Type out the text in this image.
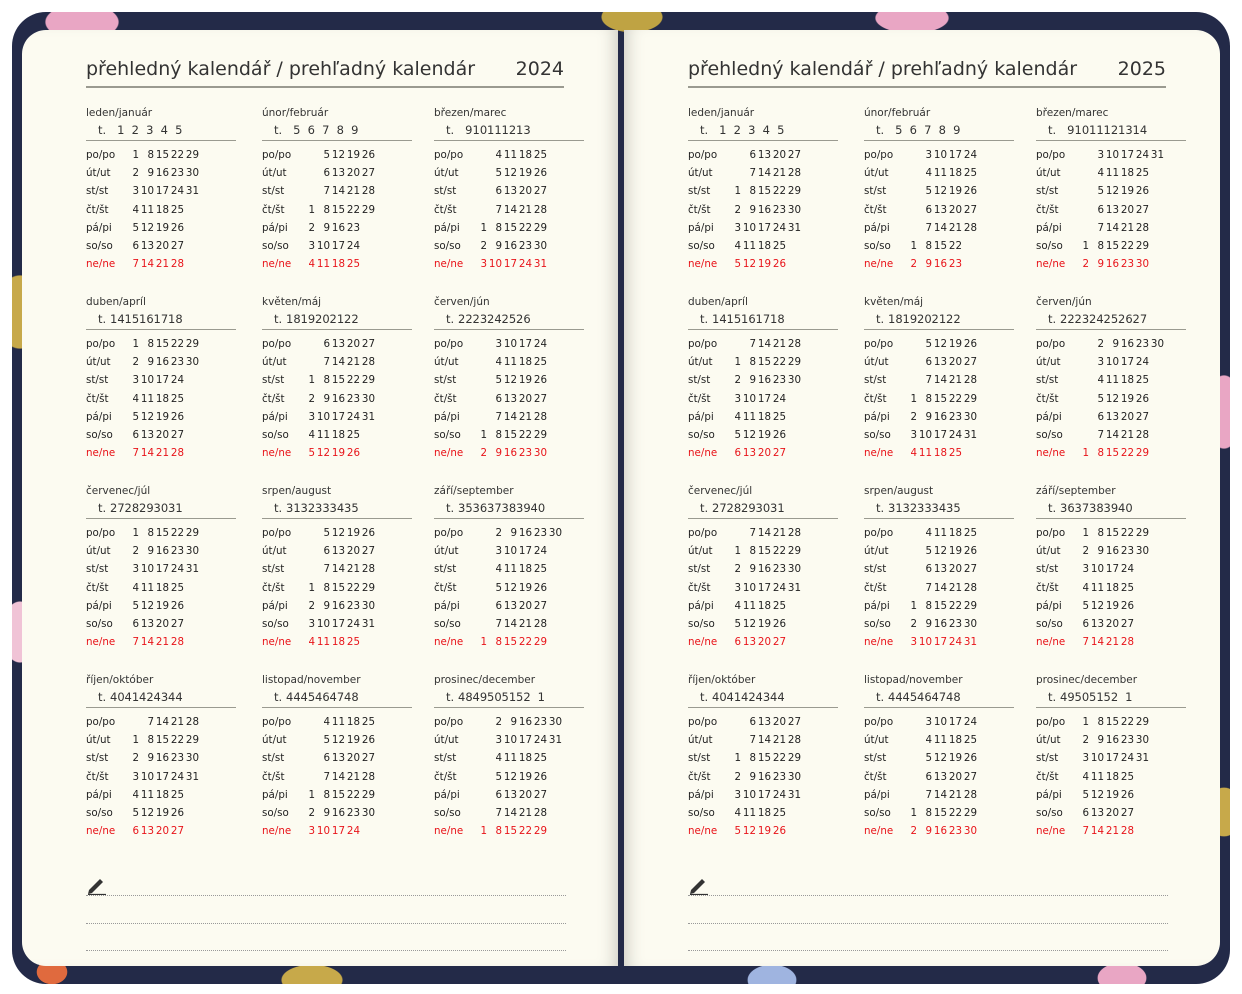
přehledný kalendář / prehľadný kalendár 2024
leden/január
t. 1 2 3 4 5
po/po	1 8 15 22 29
út/ut	2 9 16 23 30
st/st	3 10 17 24 31
čt/št	4 11 18 25
pá/pi	5 12 19 26
so/so	6 13 20 27
ne/ne	7 14 21 28
únor/február
t. 5 6 7 8 9
po/po	5 12 19 26
út/ut	6 13 20 27
st/st	7 14 21 28
čt/št	1 8 15 22 29
pá/pi	2 9 16 23
so/so	3 10 17 24
ne/ne	4 11 18 25
březen/marec
t. 9 10 11 12 13
po/po	4 11 18 25
út/ut	5 12 19 26
st/st	6 13 20 27
čt/št	7 14 21 28
pá/pi	1 8 15 22 29
so/so	2 9 16 23 30
ne/ne	3 10 17 24 31
duben/apríl
t. 14 15 16 17 18
po/po	1 8 15 22 29
út/ut	2 9 16 23 30
st/st	3 10 17 24
čt/št	4 11 18 25
pá/pi	5 12 19 26
so/so	6 13 20 27
ne/ne	7 14 21 28
květen/máj
t. 18 19 20 21 22
po/po	6 13 20 27
út/ut	7 14 21 28
st/st	1 8 15 22 29
čt/št	2 9 16 23 30
pá/pi	3 10 17 24 31
so/so	4 11 18 25
ne/ne	5 12 19 26
červen/jún
t. 22 23 24 25 26
po/po	3 10 17 24
út/ut	4 11 18 25
st/st	5 12 19 26
čt/št	6 13 20 27
pá/pi	7 14 21 28
so/so	1 8 15 22 29
ne/ne	2 9 16 23 30
červenec/júl
t. 27 28 29 30 31
po/po	1 8 15 22 29
út/ut	2 9 16 23 30
st/st	3 10 17 24 31
čt/št	4 11 18 25
pá/pi	5 12 19 26
so/so	6 13 20 27
ne/ne	7 14 21 28
srpen/august
t. 31 32 33 34 35
po/po	5 12 19 26
út/ut	6 13 20 27
st/st	7 14 21 28
čt/št	1 8 15 22 29
pá/pi	2 9 16 23 30
so/so	3 10 17 24 31
ne/ne	4 11 18 25
září/september
t. 35 36 37 38 39 40
po/po	2 9 16 23 30
út/ut	3 10 17 24
st/st	4 11 18 25
čt/št	5 12 19 26
pá/pi	6 13 20 27
so/so	7 14 21 28
ne/ne	1 8 15 22 29
říjen/október
t. 40 41 42 43 44
po/po	7 14 21 28
út/ut	1 8 15 22 29
st/st	2 9 16 23 30
čt/št	3 10 17 24 31
pá/pi	4 11 18 25
so/so	5 12 19 26
ne/ne	6 13 20 27
listopad/november
t. 44 45 46 47 48
po/po	4 11 18 25
út/ut	5 12 19 26
st/st	6 13 20 27
čt/št	7 14 21 28
pá/pi	1 8 15 22 29
so/so	2 9 16 23 30
ne/ne	3 10 17 24
prosinec/december
t. 48 49 50 51 52 1
po/po	2 9 16 23 30
út/ut	3 10 17 24 31
st/st	4 11 18 25
čt/št	5 12 19 26
pá/pi	6 13 20 27
so/so	7 14 21 28
ne/ne	1 8 15 22 29
přehledný kalendář / prehľadný kalendár 2025
leden/január
t. 1 2 3 4 5
po/po	6 13 20 27
út/ut	7 14 21 28
st/st	1 8 15 22 29
čt/št	2 9 16 23 30
pá/pi	3 10 17 24 31
so/so	4 11 18 25
ne/ne	5 12 19 26
únor/február
t. 5 6 7 8 9
po/po	3 10 17 24
út/ut	4 11 18 25
st/st	5 12 19 26
čt/št	6 13 20 27
pá/pi	7 14 21 28
so/so	1 8 15 22
ne/ne	2 9 16 23
březen/marec
t. 9 10 11 12 13 14
po/po	3 10 17 24 31
út/ut	4 11 18 25
st/st	5 12 19 26
čt/št	6 13 20 27
pá/pi	7 14 21 28
so/so	1 8 15 22 29
ne/ne	2 9 16 23 30
duben/apríl
t. 14 15 16 17 18
po/po	7 14 21 28
út/ut	1 8 15 22 29
st/st	2 9 16 23 30
čt/št	3 10 17 24
pá/pi	4 11 18 25
so/so	5 12 19 26
ne/ne	6 13 20 27
květen/máj
t. 18 19 20 21 22
po/po	5 12 19 26
út/ut	6 13 20 27
st/st	7 14 21 28
čt/št	1 8 15 22 29
pá/pi	2 9 16 23 30
so/so	3 10 17 24 31
ne/ne	4 11 18 25
červen/jún
t. 22 23 24 25 26 27
po/po	2 9 16 23 30
út/ut	3 10 17 24
st/st	4 11 18 25
čt/št	5 12 19 26
pá/pi	6 13 20 27
so/so	7 14 21 28
ne/ne	1 8 15 22 29
červenec/júl
t. 27 28 29 30 31
po/po	7 14 21 28
út/ut	1 8 15 22 29
st/st	2 9 16 23 30
čt/št	3 10 17 24 31
pá/pi	4 11 18 25
so/so	5 12 19 26
ne/ne	6 13 20 27
srpen/august
t. 31 32 33 34 35
po/po	4 11 18 25
út/ut	5 12 19 26
st/st	6 13 20 27
čt/št	7 14 21 28
pá/pi	1 8 15 22 29
so/so	2 9 16 23 30
ne/ne	3 10 17 24 31
září/september
t. 36 37 38 39 40
po/po	1 8 15 22 29
út/ut	2 9 16 23 30
st/st	3 10 17 24
čt/št	4 11 18 25
pá/pi	5 12 19 26
so/so	6 13 20 27
ne/ne	7 14 21 28
říjen/október
t. 40 41 42 43 44
po/po	6 13 20 27
út/ut	7 14 21 28
st/st	1 8 15 22 29
čt/št	2 9 16 23 30
pá/pi	3 10 17 24 31
so/so	4 11 18 25
ne/ne	5 12 19 26
listopad/november
t. 44 45 46 47 48
po/po	3 10 17 24
út/ut	4 11 18 25
st/st	5 12 19 26
čt/št	6 13 20 27
pá/pi	7 14 21 28
so/so	1 8 15 22 29
ne/ne	2 9 16 23 30
prosinec/december
t. 49 50 51 52 1
po/po	1 8 15 22 29
út/ut	2 9 16 23 30
st/st	3 10 17 24 31
čt/št	4 11 18 25
pá/pi	5 12 19 26
so/so	6 13 20 27
ne/ne	7 14 21 28
